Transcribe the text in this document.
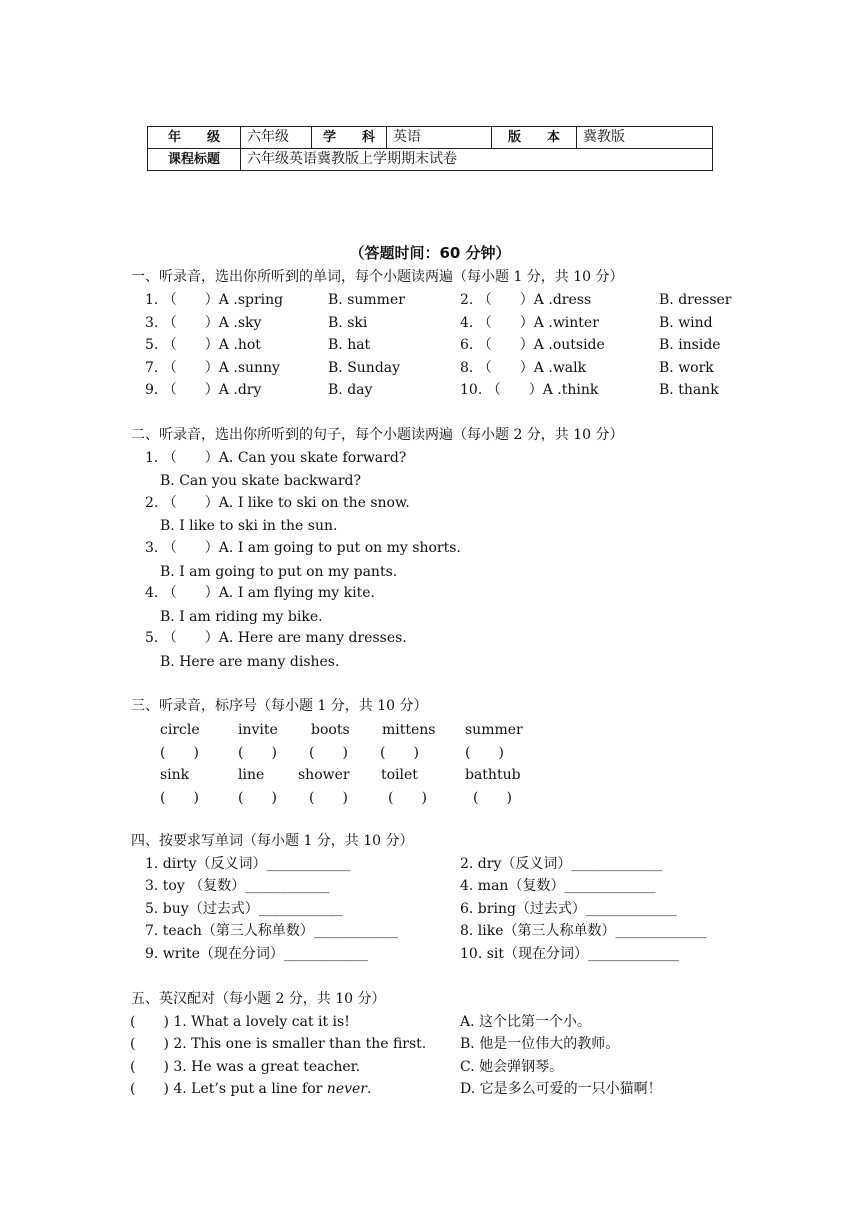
年　　级	六年级	学　　科	英语	版　　本	冀教版
课程标题	六年级英语冀教版上学期期末试卷				
（答题时间：60 分钟）
一、听录音，选出你所听到的单词，每个小题读两遍（每小题 1 分，共 10 分）
1. （　　）A .spring	B. summer	2. （　　）A .dress	B. dresser
3. （　　）A .sky	B. ski	4. （　　）A .winter	B. wind
5. （　　）A .hot	B. hat	6. （　　）A .outside	B. inside
7. （　　）A .sunny	B. Sunday	8. （　　）A .walk	B. work
9. （　　）A .dry	B. day	10. （　　）A .think	B. thank
二、听录音，选出你所听到的句子，每个小题读两遍（每小题 2 分，共 10 分）
1. （　　）A. Can you skate forward?
B. Can you skate backward?
2. （　　）A. I like to ski on the snow.
B. I like to ski in the sun.
3. （　　）A. I am going to put on my shorts.
B. I am going to put on my pants.
4. （　　）A. I am flying my kite.
B. I am riding my bike.
5. （　　）A. Here are many dresses.
B. Here are many dishes.
三、听录音，标序号（每小题 1 分，共 10 分）
circle	invite boots mittens summer
(　　)	(　　) (　　) (　　)	(　　)
sink	line shower toilet	bathtub
(　　)	(　　) (　　)	(　　)	(　　)
四、按要求写单词（每小题 1 分，共 10 分）
1. dirty（反义词）____________	2. dry（反义词）_____________
3. toy （复数）____________	4. man（复数）_____________
5. buy（过去式）____________	6. bring（过去式）_____________
7. teach（第三人称单数）____________	8. like（第三人称单数）_____________
9. write（现在分词）____________	10. sit（现在分词）_____________
五、英汉配对（每小题 2 分，共 10 分）
(　　) 1. What a lovely cat it is!	A. 这个比第一个小。
(　　) 2. This one is smaller than the first. B. 他是一位伟大的教师。
(　　) 3. He was a great teacher.	C. 她会弹钢琴。
(　　) 4. Let’s put a line for never.	D. 它是多么可爱的一只小猫啊！
